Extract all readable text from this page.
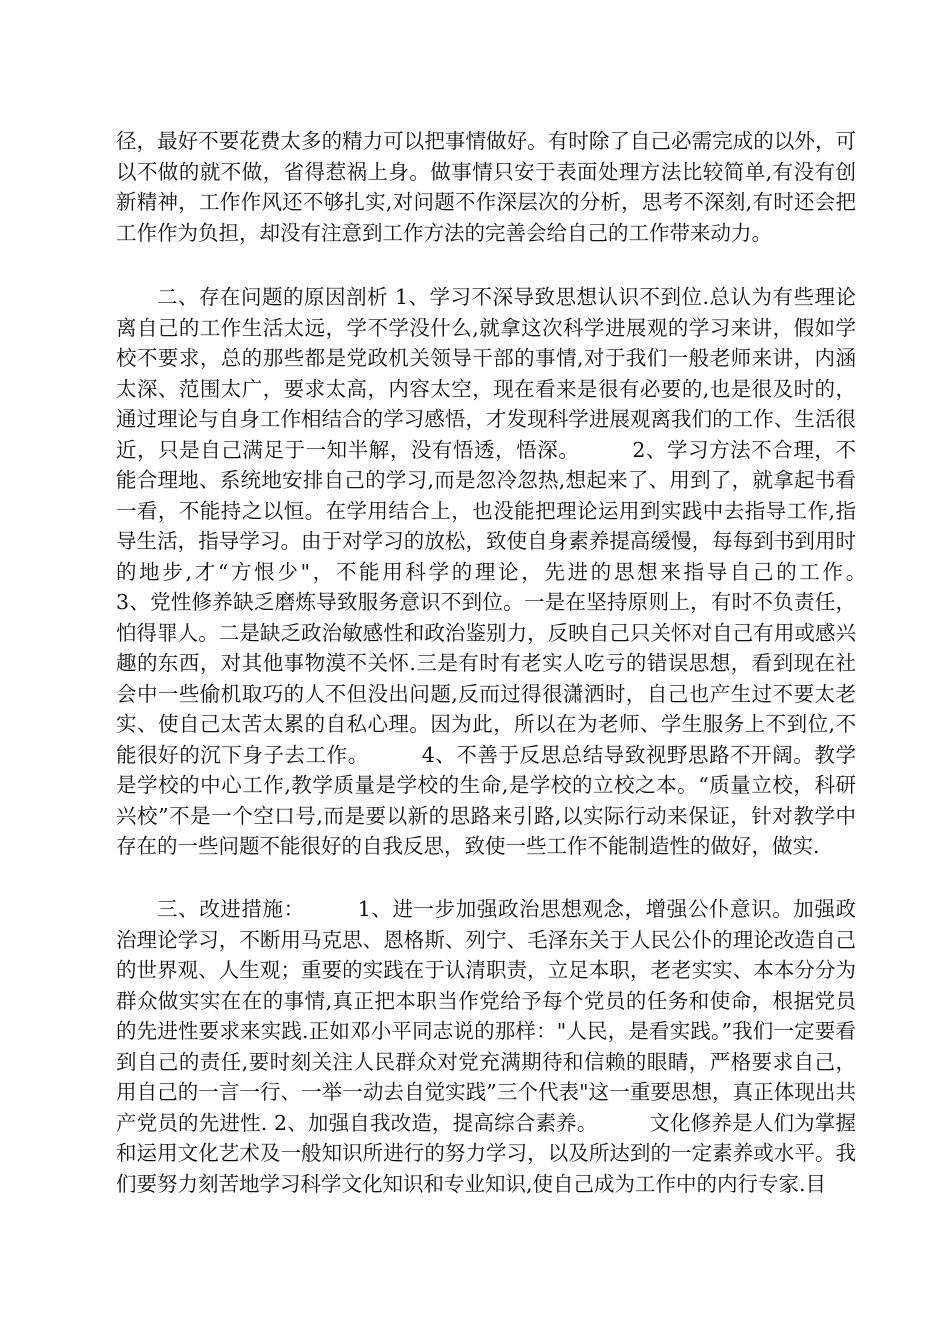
径，最好不要花费太多的精力可以把事情做好。有时除了自己必需完成的以外，可以不做的就不做，省得惹祸上身。做事情只安于表面处理方法比较简单,有没有创新精神，工作作风还不够扎实,对问题不作深层次的分析，思考不深刻,有时还会把工作作为负担，却没有注意到工作方法的完善会给自己的工作带来动力。

二、存在问题的原因剖析 1、学习不深导致思想认识不到位.总认为有些理论离自己的工作生活太远，学不学没什么,就拿这次科学进展观的学习来讲，假如学校不要求，总的那些都是党政机关领导干部的事情,对于我们一般老师来讲，内涵太深、范围太广，要求太高，内容太空，现在看来是很有必要的,也是很及时的，通过理论与自身工作相结合的学习感悟，才发现科学进展观离我们的工作、生活很近，只是自己满足于一知半解，没有悟透，悟深。　　　2、学习方法不合理，不能合理地、系统地安排自己的学习,而是忽冷忽热,想起来了、用到了，就拿起书看一看，不能持之以恒。在学用结合上，也没能把理论运用到实践中去指导工作,指导生活，指导学习。由于对学习的放松，致使自身素养提高缓慢，每每到书到用时的地步,才“方恨少"，不能用科学的理论，先进的思想来指导自己的工作。　　　3、党性修养缺乏磨炼导致服务意识不到位。一是在坚持原则上，有时不负责任，怕得罪人。二是缺乏政治敏感性和政治鉴别力，反映自己只关怀对自己有用或感兴趣的东西，对其他事物漠不关怀.三是有时有老实人吃亏的错误思想，看到现在社会中一些偷机取巧的人不但没出问题,反而过得很潇洒时，自己也产生过不要太老实、使自己太苦太累的自私心理。因为此，所以在为老师、学生服务上不到位,不能很好的沉下身子去工作。　　　4、不善于反思总结导致视野思路不开阔。教学是学校的中心工作,教学质量是学校的生命,是学校的立校之本。“质量立校，科研兴校”不是一个空口号,而是要以新的思路来引路,以实际行动来保证，针对教学中存在的一些问题不能很好的自我反思，致使一些工作不能制造性的做好，做实.

三、改进措施：　　　1、进一步加强政治思想观念，增强公仆意识。加强政治理论学习，不断用马克思、恩格斯、列宁、毛泽东关于人民公仆的理论改造自己的世界观、人生观；重要的实践在于认清职责，立足本职，老老实实、本本分分为群众做实实在在的事情,真正把本职当作党给予每个党员的任务和使命，根据党员的先进性要求来实践.正如邓小平同志说的那样："人民，是看实践。”我们一定要看到自己的责任,要时刻关注人民群众对党充满期待和信赖的眼睛，严格要求自己，用自己的一言一行、一举一动去自觉实践”三个代表"这一重要思想，真正体现出共产党员的先进性. 2、加强自我改造，提高综合素养。　　　文化修养是人们为掌握和运用文化艺术及一般知识所进行的努力学习，以及所达到的一定素养或水平。我们要努力刻苦地学习科学文化知识和专业知识,使自己成为工作中的内行专家.目
